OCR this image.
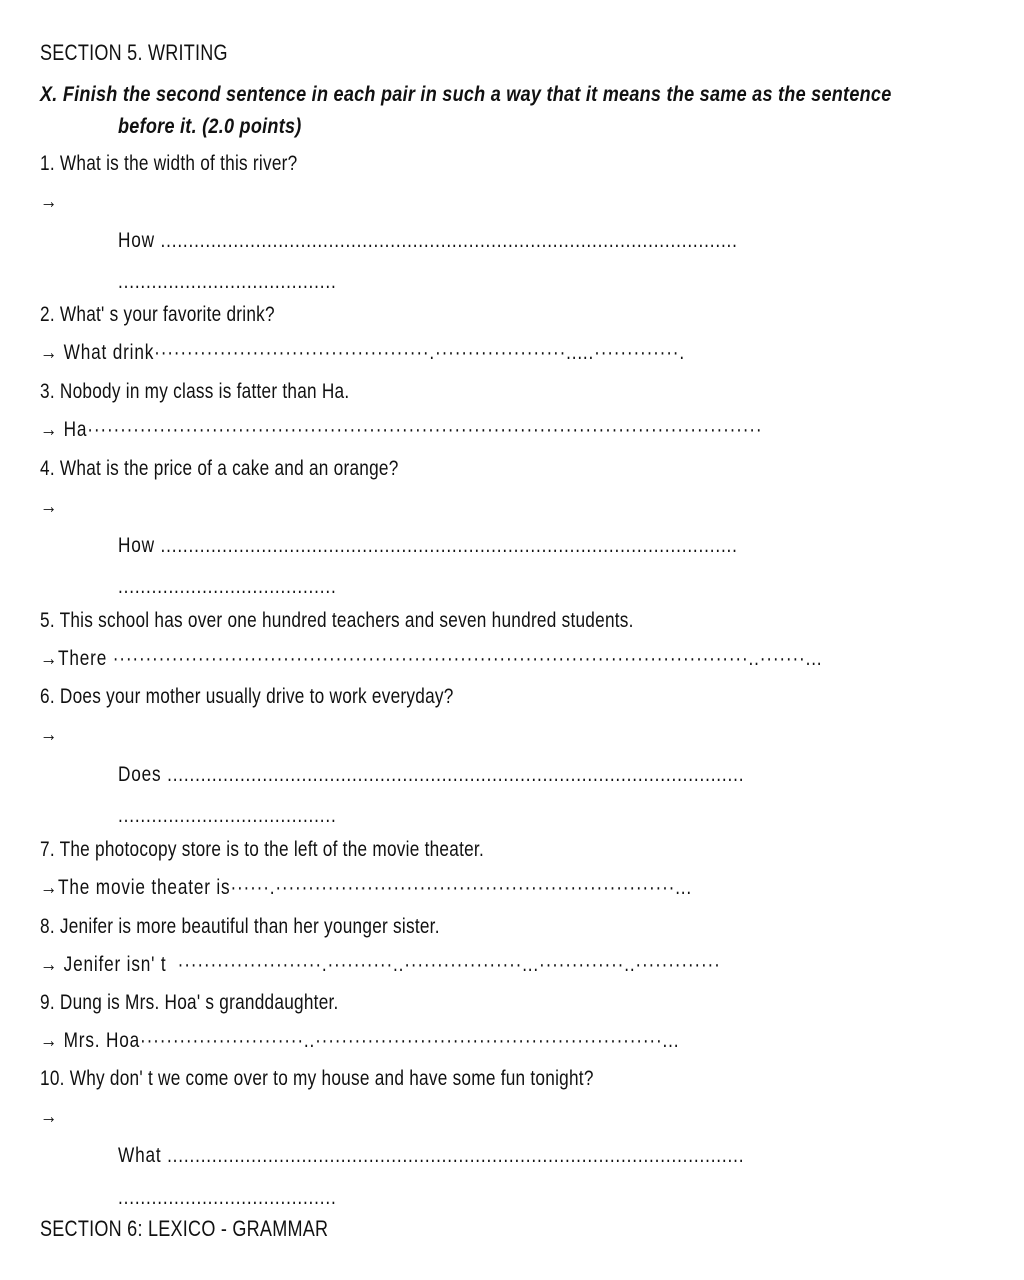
SECTION 5. WRITING
X. Finish the second sentence in each pair in such a way that it means the same as the sentence
before it. (2.0 points)
1. What is the width of this river?
→
How .......................................................................................................
.......................................
2. What' s your favorite drink?
→ What drink··········································.····················.....·············.
3. Nobody in my class is fatter than Ha.
→ Ha·······································································································
4. What is the price of a cake and an orange?
→
How .......................................................................................................
.......................................
5. This school has over one hundred teachers and seven hundred students.
→There ·································································································..·······...
6. Does your mother usually drive to work everyday?
→
Does .......................................................................................................
.......................................
7. The photocopy store is to the left of the movie theater.
→The movie theater is······.·····························································...
8. Jenifer is more beautiful than her younger sister.
→ Jenifer isn' t  ······················.··········..··················...·············..·············
9. Dung is Mrs. Hoa' s granddaughter.
→ Mrs. Hoa·························..·····················································...
10. Why don' t we come over to my house and have some fun tonight?
→
What .......................................................................................................
.......................................
SECTION 6: LEXICO - GRAMMAR
